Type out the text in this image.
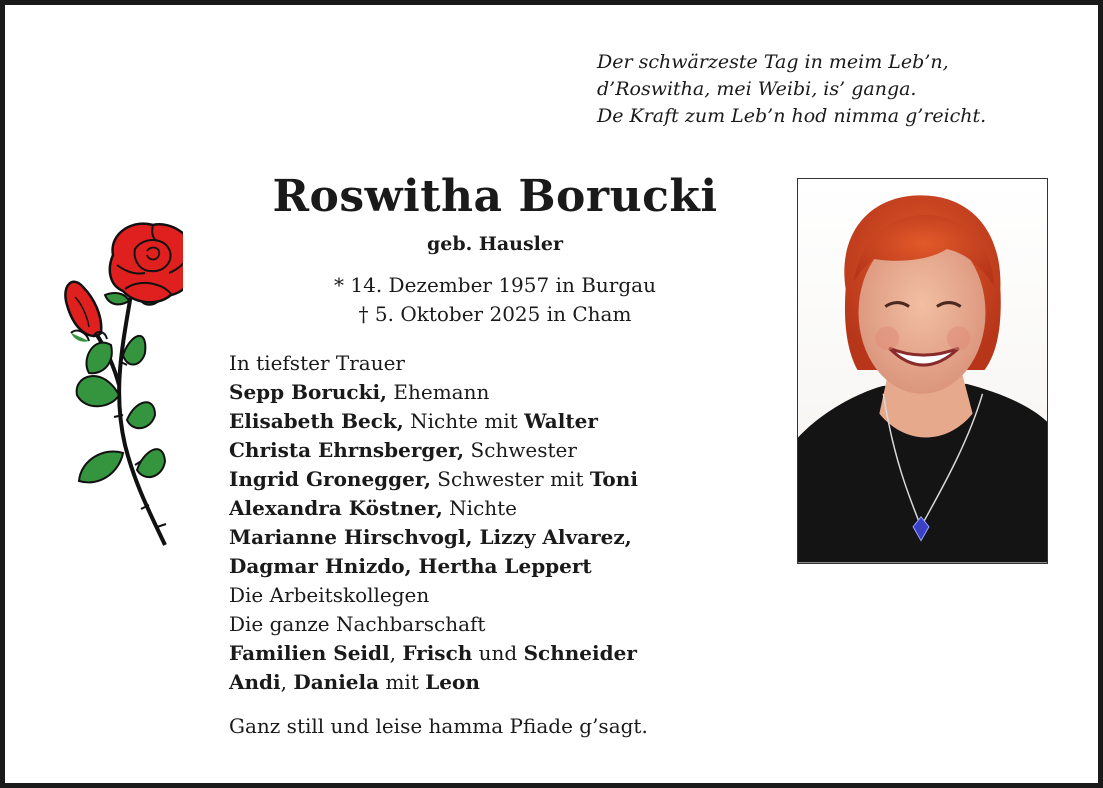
Der schwärzeste Tag in meim Leb’n,
d’Roswitha, mei Weibi, is’ ganga.
De Kraft zum Leb’n hod nimma g’reicht.
Roswitha Borucki
geb. Hausler
* 14. Dezember 1957 in Burgau
† 5. Oktober 2025 in Cham
In tiefster Trauer
Sepp Borucki, Ehemann
Elisabeth Beck, Nichte mit Walter
Christa Ehrnsberger, Schwester
Ingrid Gronegger, Schwester mit Toni
Alexandra Köstner, Nichte
Marianne Hirschvogl, Lizzy Alvarez,
Dagmar Hnizdo, Hertha Leppert
Die Arbeitskollegen
Die ganze Nachbarschaft
Familien Seidl, Frisch und Schneider
Andi, Daniela mit Leon
Ganz still und leise hamma Pfiade g’sagt.
